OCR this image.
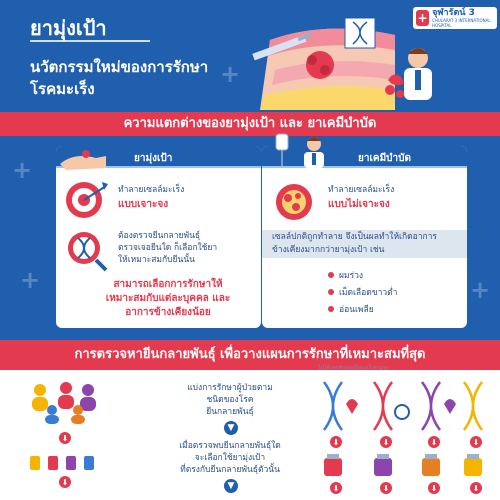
+
ยามุ่งเป้า
นวัตกรรมใหม่ของการรักษา
โรคมะเร็ง
+ จุฬารัตน์ 3
CHULARAT 3 INTERNATIONAL HOSPITAL
ความแตกต่างของยามุ่งเป้า และ ยาเคมีบำบัด
+
+
+
ยามุ่งเป้า
ทำลายเซลล์มะเร็ง
แบบเจาะจง
ต้องตรวจยีนกลายพันธุ์
ตรวจเจอยีนใด ก็เลือกใช้ยา
ให้เหมาะสมกับยีนนั้น
สามารถเลือกการรักษาให้
เหมาะสมกับแต่ละบุคคล และ
อาการข้างเคียงน้อย
ยาเคมีบำบัด
ทำลายเซลล์มะเร็ง
แบบไม่เจาะจง
เซลล์ปกติถูกทำลาย จึงเป็นผลทำให้เกิดอาการ
ข้างเคียงมากกว่ายามุ่งเป้า เช่น
ผมร่วง
เม็ดเลือดขาวต่ำ
อ่อนเพลีย
การตรวจหายีนกลายพันธุ์ เพื่อวางแผนการรักษาที่เหมาะสมที่สุด
ไม่ได้บอกต้นเองเป็นมะเร็งตามนะ
⬇
⬇
แบ่งการรักษาผู้ป่วยตาม
ชนิดของโรค
ยีนกลายพันธุ์
▼
เมื่อตรวจพบยีนกลายพันธุ์ใด
จะเลือกใช้ยามุ่งเป้า
ที่ตรงกับยีนกลายพันธุ์ตัวนั้น
▼
⬇	⬇	⬇	⬇
⬇	⬇	⬇	⬇
